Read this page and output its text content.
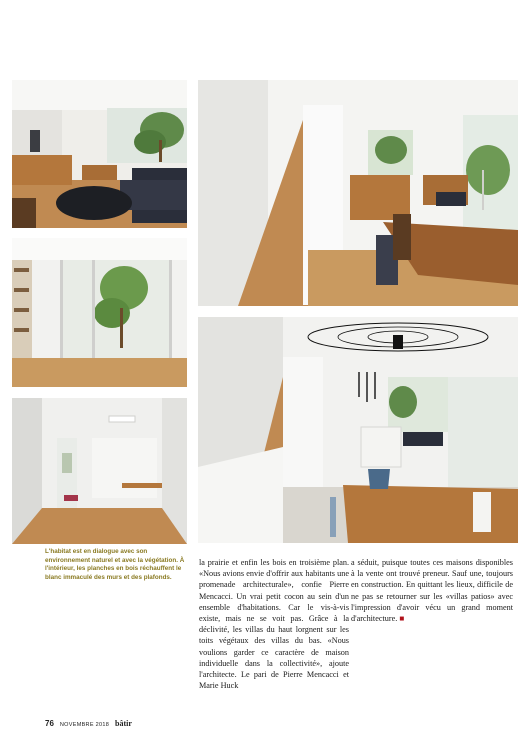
L'habitat est en dialogue avec son environnement naturel et avec la végétation. À l'intérieur, les planches en bois réchauffent le blanc immaculé des murs et des plafonds.

la prairie et enfin les bois en troisième plan. «Nous avions envie d'offrir aux habitants une promenade architecturale», confie Pierre Mencacci. Un vrai petit cocon au sein d'un ensemble d'habitations. Car le vis-à-vis existe, mais ne se voit pas. Grâce à la déclivité, les villas du haut lorgnent sur les toits végétaux des villas du bas. «Nous voulions garder ce caractère de maison individuelle dans la collectivité», ajoute l'architecte. Le pari de Pierre Mencacci et Marie Huck

a séduit, puisque toutes ces maisons disponibles à la vente ont trouvé preneur. Sauf une, toujours en construction. En quittant les lieux, difficile de ne pas se retourner sur les «villas patios» avec l'impression d'avoir vécu un grand moment d'architecture. ■

76 NOVEMBRE 2018 bâtir
